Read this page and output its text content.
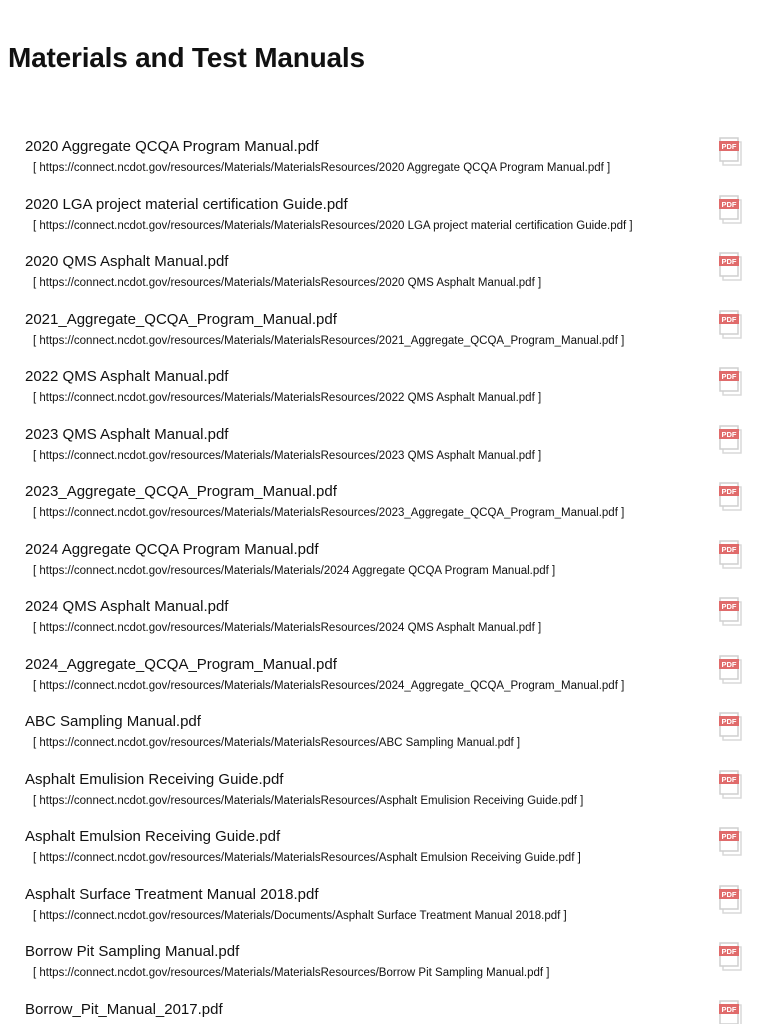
Materials and Test Manuals
2020 Aggregate QCQA Program Manual.pdf
[ https://connect.ncdot.gov/resources/Materials/MaterialsResources/2020 Aggregate QCQA Program Manual.pdf ]
PDF
2020 LGA project material certification Guide.pdf
[ https://connect.ncdot.gov/resources/Materials/MaterialsResources/2020 LGA project material certification Guide.pdf ]
PDF
2020 QMS Asphalt Manual.pdf
[ https://connect.ncdot.gov/resources/Materials/MaterialsResources/2020 QMS Asphalt Manual.pdf ]
PDF
2021_Aggregate_QCQA_Program_Manual.pdf
[ https://connect.ncdot.gov/resources/Materials/MaterialsResources/2021_Aggregate_QCQA_Program_Manual.pdf ]
PDF
2022 QMS Asphalt Manual.pdf
[ https://connect.ncdot.gov/resources/Materials/MaterialsResources/2022 QMS Asphalt Manual.pdf ]
PDF
2023 QMS Asphalt Manual.pdf
[ https://connect.ncdot.gov/resources/Materials/MaterialsResources/2023 QMS Asphalt Manual.pdf ]
PDF
2023_Aggregate_QCQA_Program_Manual.pdf
[ https://connect.ncdot.gov/resources/Materials/MaterialsResources/2023_Aggregate_QCQA_Program_Manual.pdf ]
PDF
2024 Aggregate QCQA Program Manual.pdf
[ https://connect.ncdot.gov/resources/Materials/Materials/2024 Aggregate QCQA Program Manual.pdf ]
PDF
2024 QMS Asphalt Manual.pdf
[ https://connect.ncdot.gov/resources/Materials/MaterialsResources/2024 QMS Asphalt Manual.pdf ]
PDF
2024_Aggregate_QCQA_Program_Manual.pdf
[ https://connect.ncdot.gov/resources/Materials/MaterialsResources/2024_Aggregate_QCQA_Program_Manual.pdf ]
PDF
ABC Sampling Manual.pdf
[ https://connect.ncdot.gov/resources/Materials/MaterialsResources/ABC Sampling Manual.pdf ]
PDF
Asphalt Emulision Receiving Guide.pdf
[ https://connect.ncdot.gov/resources/Materials/MaterialsResources/Asphalt Emulision Receiving Guide.pdf ]
PDF
Asphalt Emulsion Receiving Guide.pdf
[ https://connect.ncdot.gov/resources/Materials/MaterialsResources/Asphalt Emulsion Receiving Guide.pdf ]
PDF
Asphalt Surface Treatment Manual 2018.pdf
[ https://connect.ncdot.gov/resources/Materials/Documents/Asphalt Surface Treatment Manual 2018.pdf ]
PDF
Borrow Pit Sampling Manual.pdf
[ https://connect.ncdot.gov/resources/Materials/MaterialsResources/Borrow Pit Sampling Manual.pdf ]
PDF
Borrow_Pit_Manual_2017.pdf	PDF
